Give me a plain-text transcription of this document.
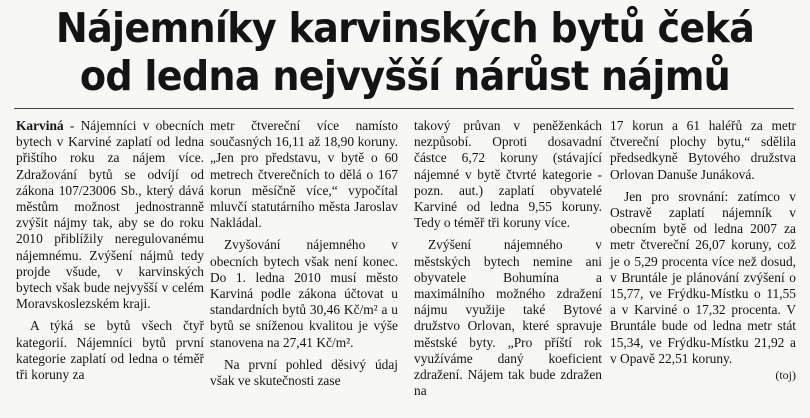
Nájemníky karvinských bytů čeká
od ledna nejvyšší nárůst nájmů

Karviná - Nájemníci v obecních bytech v Karviné zaplatí od ledna přištího roku za nájem více. Zdražování bytů se odvíjí od zákona 107/23006 Sb., který dává městům možnost jednostranně zvýšit nájmy tak, aby se do roku 2010 přiblížily neregulovanému nájemnému. Zvýšení nájmů tedy projde všude, v karvinských bytech však bude nejvyšší v celém Moravskoslezském kraji.

A týká se bytů všech čtyř kategorií. Nájemníci bytů první kategorie zaplatí od ledna o téměř tři koruny za

metr čtvereční více namísto současných 16,11 až 18,90 koruny. „Jen pro představu, v bytě o 60 metrech čtverečních to dělá o 167 korun měsíčně více,“ vypočítal mluvčí statutárního města Jaroslav Nakládal.

Zvyšování nájemného v obecních bytech však není konec. Do 1. ledna 2010 musí město Karviná podle zákona účtovat u standardních bytů 30,46 Kč/m² a u bytů se sníženou kvalitou je výše stanovena na 27,41 Kč/m².

Na první pohled děsivý údaj však ve skutečnosti zase

takový průvan v peněženkách nezpůsobí. Oproti dosavadní částce 6,72 koruny (stávající nájemné v bytě čtvrté kategorie - pozn. aut.) zaplatí obyvatelé Karviné od ledna 9,55 koruny. Tedy o téměř tři koruny více.

Zvýšení nájemného v městských bytech nemine ani obyvatele Bohumína a maximálního možného zdražení nájmu využije také Bytové družstvo Orlovan, které spravuje městské byty. „Pro příští rok využíváme daný koeficient zdražení. Nájem tak bude zdražen na

17 korun a 61 haléřů za metr čtvereční plochy bytu,“ sdělila předsedkyně Bytového družstva Orlovan Danuše Junáková.

Jen pro srovnání: zatímco v Ostravě zaplatí nájemník v obecním bytě od ledna 2007 za metr čtvereční 26,07 koruny, což je o 5,29 procenta více než dosud, v Bruntále je plánování zvýšení o 15,77, ve Frýdku-Místku o 11,55 a v Karviné o 17,32 procenta. V Bruntále bude od ledna metr stát 15,34, ve Frýdku-Místku 21,92 a v Opavě 22,51 koruny.

(toj)
